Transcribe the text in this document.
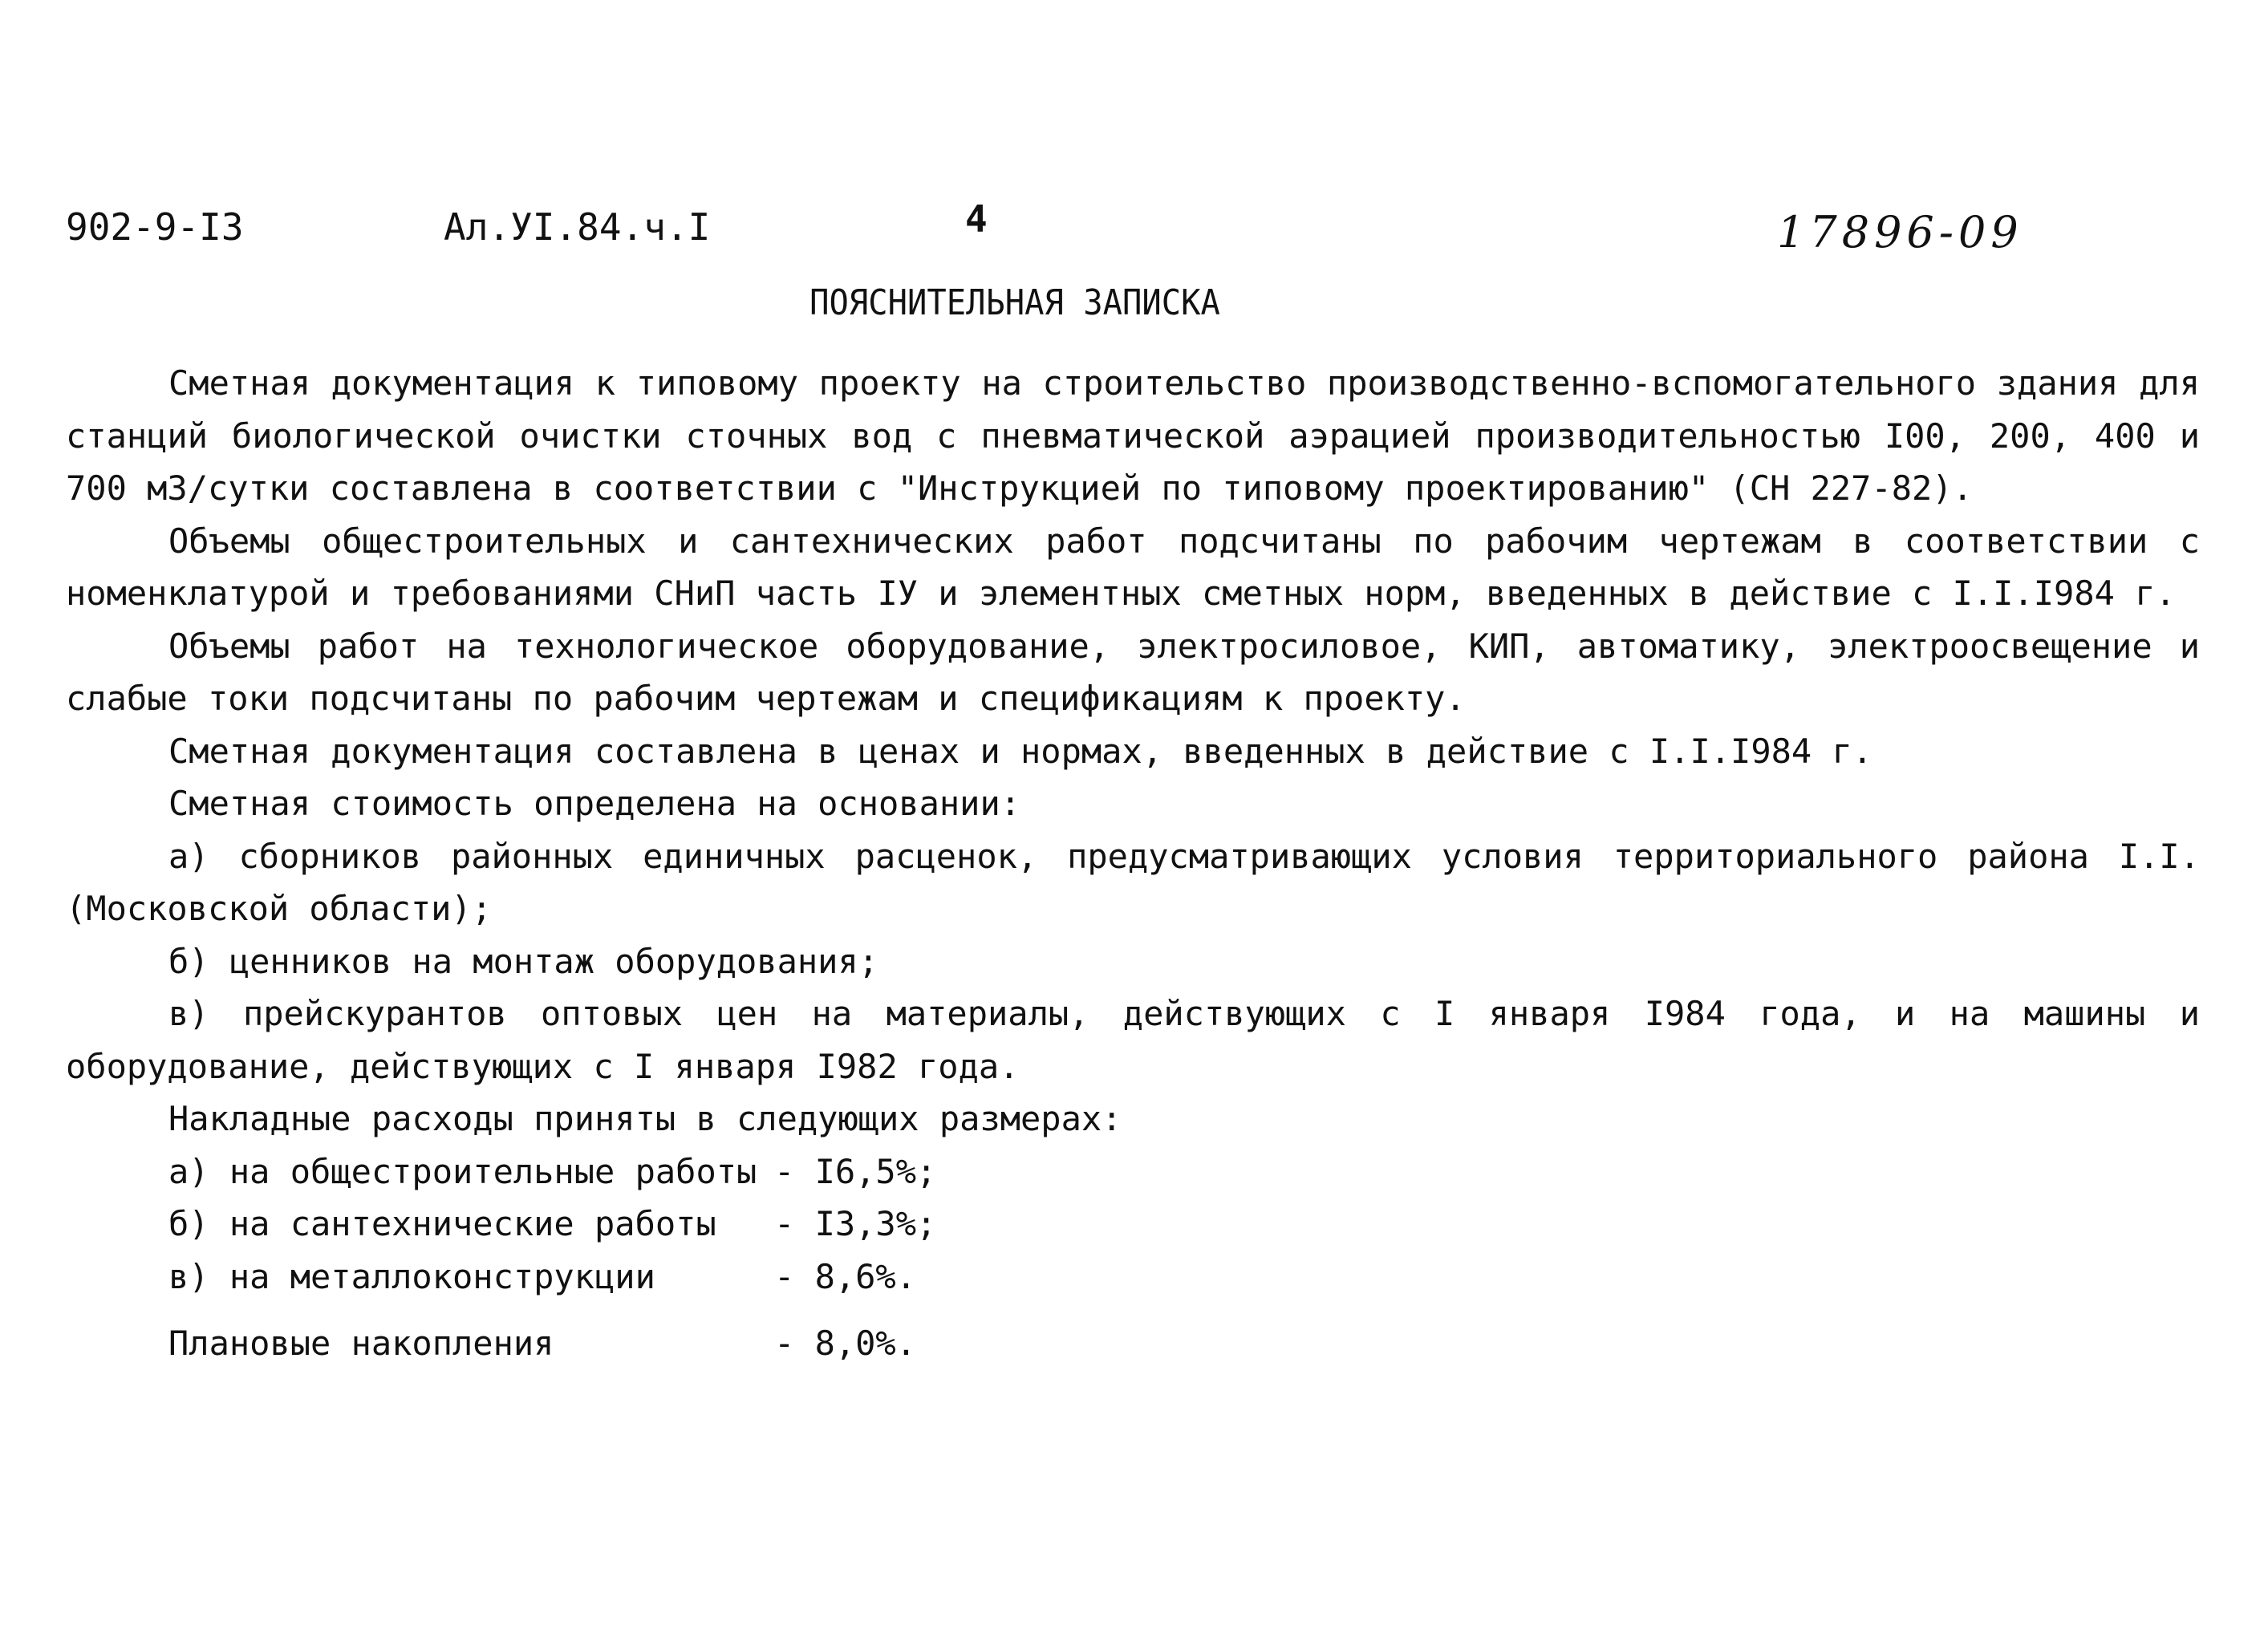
902-9-I3	Ал.УI.84.ч.I	4	17896-09
ПОЯСНИТЕЛЬНАЯ ЗАПИСКА

Сметная документация к типовому проекту на строительство производственно-вспомогательного здания для станций биологической очистки сточных вод с пневматической аэрацией производительностью I00, 200, 400 и 700 м3/сутки составлена в соответствии с "Инструкцией по типовому проектированию" (СН 227-82).

Объемы общестроительных и сантехнических работ подсчитаны по рабочим чертежам в соответствии с номенклатурой и требованиями СНиП часть IУ и элементных сметных норм, введенных в действие с I.I.I984 г.

Объемы работ на технологическое оборудование, электросиловое, КИП, автоматику, электроосвещение и слабые токи подсчитаны по рабочим чертежам и спецификациям к проекту.

Сметная документация составлена в ценах и нормах, введенных в действие с I.I.I984 г.

Сметная стоимость определена на основании:

а) сборников районных единичных расценок, предусматривающих условия территориального района I.I. (Московской области);

б) ценников на монтаж оборудования;

в) прейскурантов оптовых цен на материалы, действующих с I января I984 года, и на машины и оборудование, действующих с I января I982 года.

Накладные расходы приняты в следующих размерах:

а) на общестроительные работы - I6,5%;
б) на сантехнические работы	- I3,3%;
в) на металлоконструкции	- 8,6%.
Плановые накопления	- 8,0%.
